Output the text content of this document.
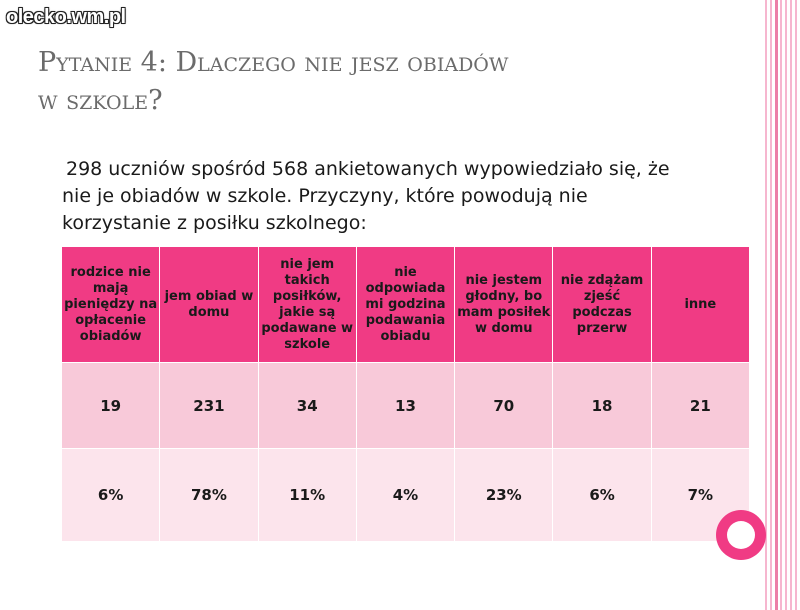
olecko.wm.pl
Pytanie 4: Dlaczego nie jesz obiadów
w szkole?

298 uczniów spośród 568 ankietowanych wypowiedziało się, że nie je obiadów w szkole. Przyczyny, które powodują nie korzystanie z posiłku szkolnego:

rodzice nie mają pieniędzy na opłacenie obiadów	jem obiad w domu	nie jem takich posiłków, jakie są podawane w szkole	nie odpowiada mi godzina podawania obiadu	nie jestem głodny, bo mam posiłek w domu	nie zdążam zjeść podczas przerw	inne
19	231	34	13	70	18	21
6%	78%	11%	4%	23%	6%	7%
